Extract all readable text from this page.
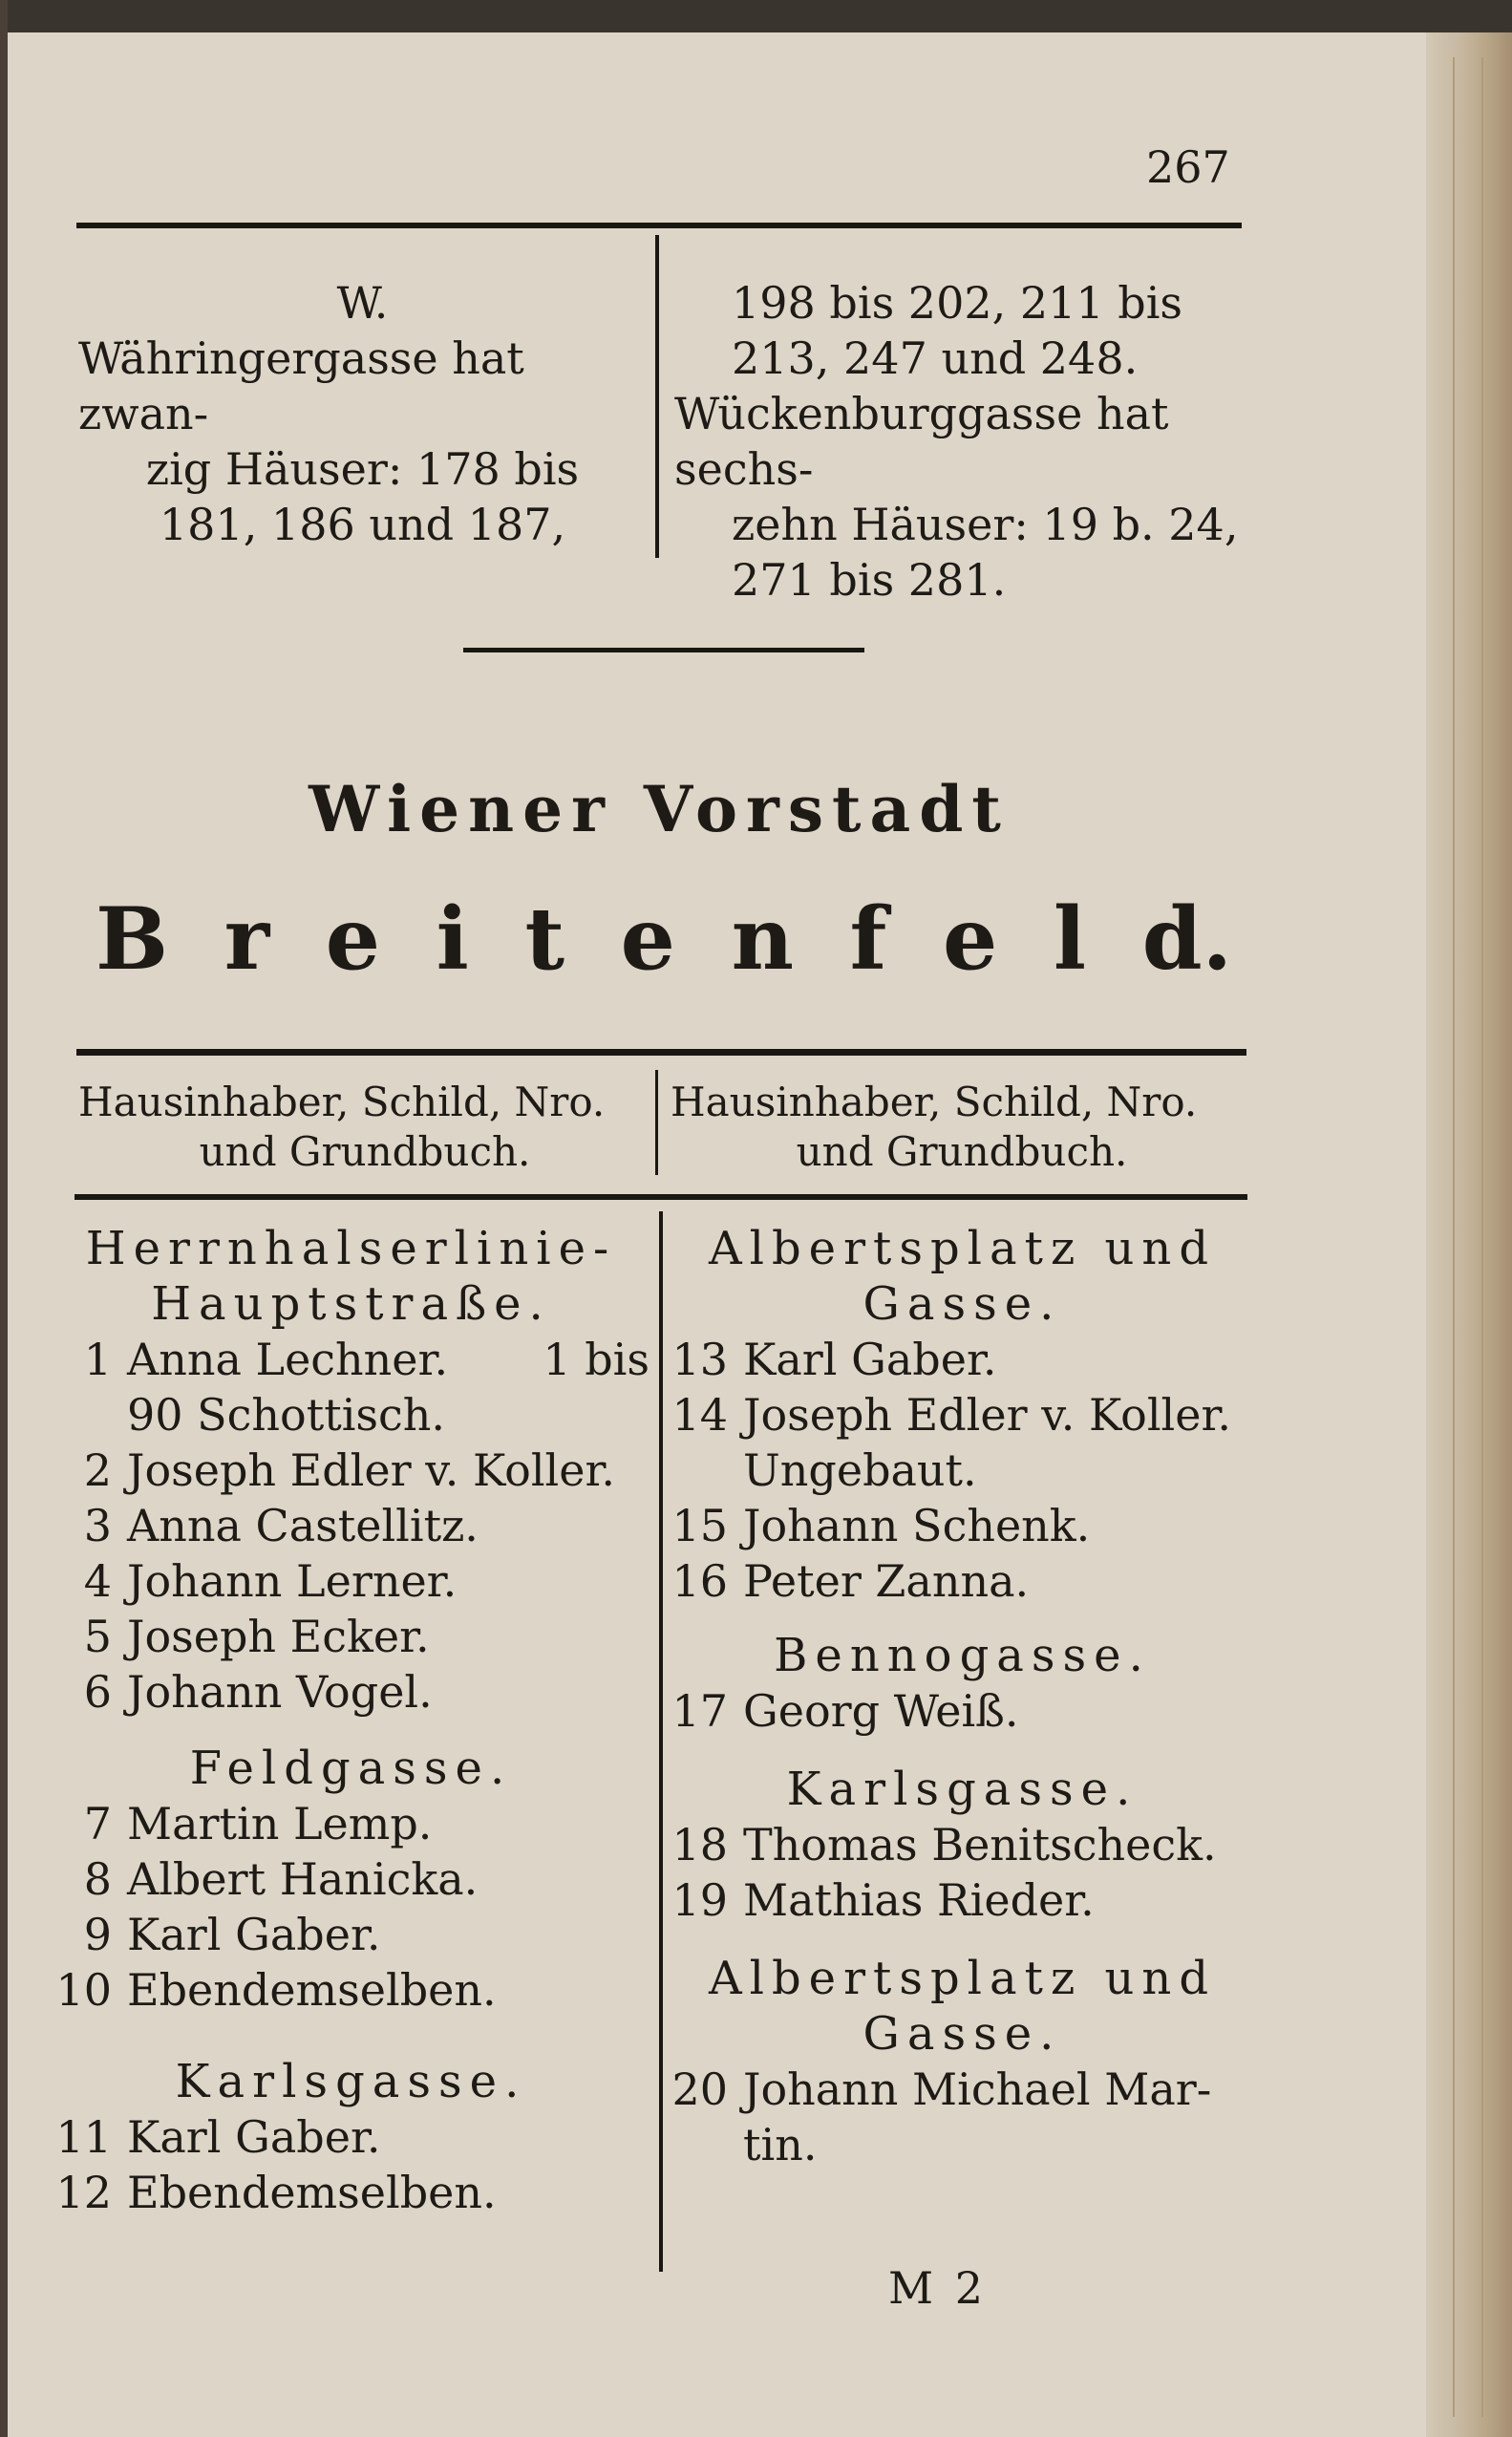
267
W.
Währingergasse hat zwan-
zig Häuser: 178 bis
181, 186 und 187,
198 bis 202, 211 bis
213, 247 und 248.
Wückenburggasse hat sechs-
zehn Häuser: 19 b. 24,
271 bis 281.
Wiener Vorstadt
B r e i t e n f e l d.
Hausinhaber, Schild, Nro.
und Grundbuch.
Hausinhaber, Schild, Nro.
und Grundbuch.
Herrnhalserlinie-
Hauptstraße.
1 Anna Lechner. 1 bis
90 Schottisch.
2 Joseph Edler v. Koller.
3 Anna Castellitz.
4 Johann Lerner.
5 Joseph Ecker.
6 Johann Vogel.
Feldgasse.
7 Martin Lemp.
8 Albert Hanicka.
9 Karl Gaber.
10 Ebendemselben.
Karlsgasse.
11 Karl Gaber.
12 Ebendemselben.
Albertsplatz und
Gasse.
13 Karl Gaber.
14 Joseph Edler v. Koller.
Ungebaut.
15 Johann Schenk.
16 Peter Zanna.
Bennogasse.
17 Georg Weiß.
Karlsgasse.
18 Thomas Benitscheck.
19 Mathias Rieder.
Albertsplatz und
Gasse.
20 Johann Michael Mar-
tin.
M 2
